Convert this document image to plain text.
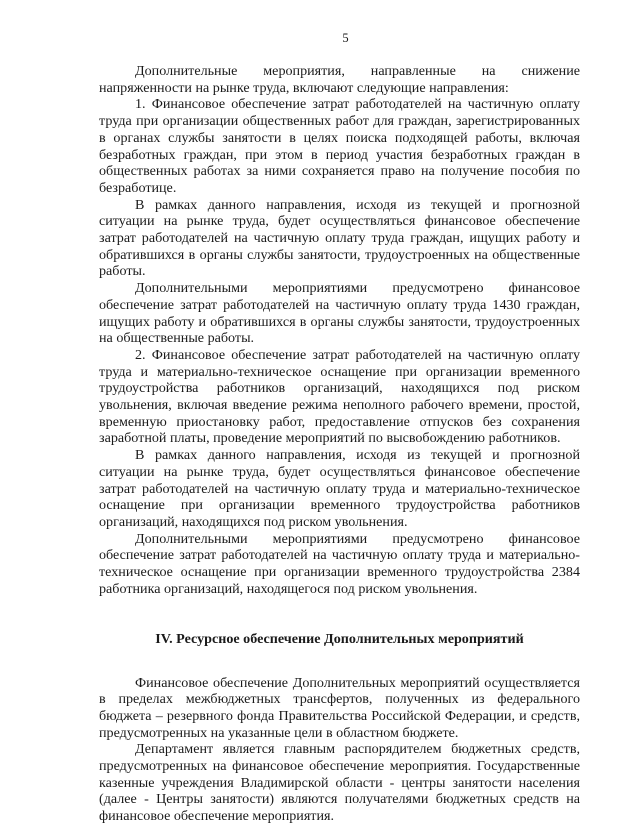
5

Дополнительные мероприятия, направленные на снижение напряженности на рынке труда, включают следующие направления:

1. Финансовое обеспечение затрат работодателей на частичную оплату труда при организации общественных работ для граждан, зарегистрированных в органах службы занятости в целях поиска подходящей работы, включая безработных граждан, при этом в период участия безработных граждан в общественных работах за ними сохраняется право на получение пособия по безработице.

В рамках данного направления, исходя из текущей и прогнозной ситуации на рынке труда, будет осуществляться финансовое обеспечение затрат работодателей на частичную оплату труда граждан, ищущих работу и обратившихся в органы службы занятости, трудоустроенных на общественные работы.

Дополнительными мероприятиями предусмотрено финансовое обеспечение затрат работодателей на частичную оплату труда 1430 граждан, ищущих работу и обратившихся в органы службы занятости, трудоустроенных на общественные работы.

2. Финансовое обеспечение затрат работодателей на частичную оплату труда и материально-техническое оснащение при организации временного трудоустройства работников организаций, находящихся под риском увольнения, включая введение режима неполного рабочего времени, простой, временную приостановку работ, предоставление отпусков без сохранения заработной платы, проведение мероприятий по высвобождению работников.

В рамках данного направления, исходя из текущей и прогнозной ситуации на рынке труда, будет осуществляться финансовое обеспечение затрат работодателей на частичную оплату труда и материально-техническое оснащение при организации временного трудоустройства работников организаций, находящихся под риском увольнения.

Дополнительными мероприятиями предусмотрено финансовое обеспечение затрат работодателей на частичную оплату труда и материально-техническое оснащение при организации временного трудоустройства 2384 работника организаций, находящегося под риском увольнения.

IV. Ресурсное обеспечение Дополнительных мероприятий

Финансовое обеспечение Дополнительных мероприятий осуществляется в пределах межбюджетных трансфертов, полученных из федерального бюджета – резервного фонда Правительства Российской Федерации, и средств, предусмотренных на указанные цели в областном бюджете.

Департамент является главным распорядителем бюджетных средств, предусмотренных на финансовое обеспечение мероприятия. Государственные казенные учреждения Владимирской области - центры занятости населения (далее - Центры занятости) являются получателями бюджетных средств на финансовое обеспечение мероприятия.
